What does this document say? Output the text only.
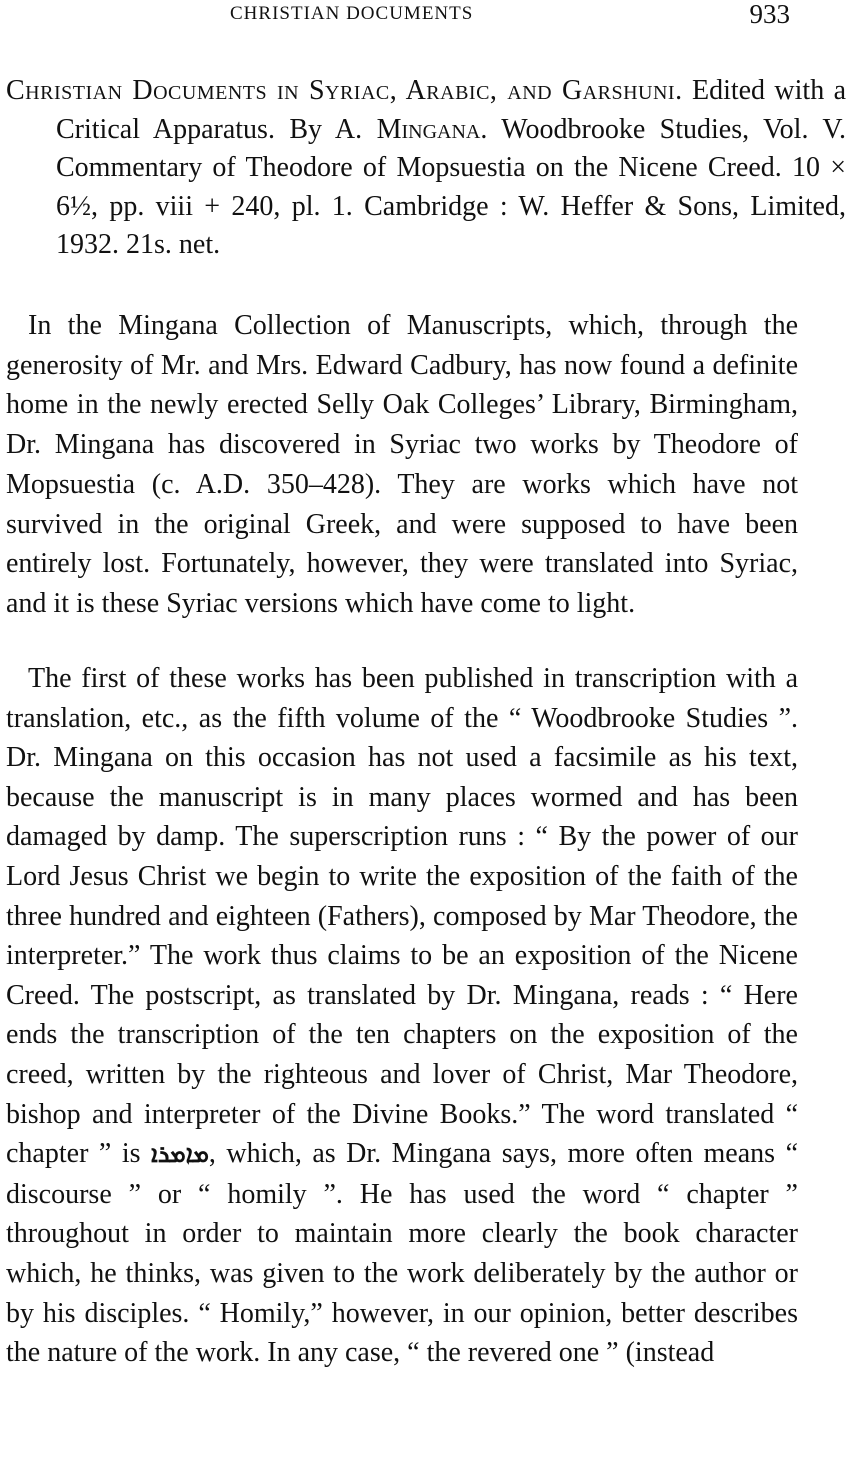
CHRISTIAN DOCUMENTS	933

Christian Documents in Syriac, Arabic, and Garshuni. Edited with a Critical Apparatus. By A. Mingana. Woodbrooke Studies, Vol. V. Commentary of Theodore of Mopsuestia on the Nicene Creed. 10 × 6½, pp. viii + 240, pl. 1. Cambridge : W. Heffer & Sons, Limited, 1932. 21s. net.

In the Mingana Collection of Manuscripts, which, through the generosity of Mr. and Mrs. Edward Cadbury, has now found a definite home in the newly erected Selly Oak Colleges’ Library, Birmingham, Dr. Mingana has discovered in Syriac two works by Theodore of Mopsuestia (c. A.D. 350–428). They are works which have not survived in the original Greek, and were supposed to have been entirely lost. Fortunately, however, they were translated into Syriac, and it is these Syriac versions which have come to light.

The first of these works has been published in transcription with a translation, etc., as the fifth volume of the “ Woodbrooke Studies ”. Dr. Mingana on this occasion has not used a facsimile as his text, because the manuscript is in many places wormed and has been damaged by damp. The superscription runs : “ By the power of our Lord Jesus Christ we begin to write the exposition of the faith of the three hundred and eighteen (Fathers), composed by Mar Theodore, the interpreter.” The work thus claims to be an exposition of the Nicene Creed. The postscript, as translated by Dr. Mingana, reads : “ Here ends the transcription of the ten chapters on the exposition of the creed, written by the righteous and lover of Christ, Mar Theodore, bishop and interpreter of the Divine Books.” The word translated “ chapter ” is ܡܐܡܪܐ, which, as Dr. Mingana says, more often means “ discourse ” or “ homily ”. He has used the word “ chapter ” throughout in order to maintain more clearly the book character which, he thinks, was given to the work deliberately by the author or by his disciples. “ Homily,” however, in our opinion, better describes the nature of the work. In any case, “ the revered one ” (instead
